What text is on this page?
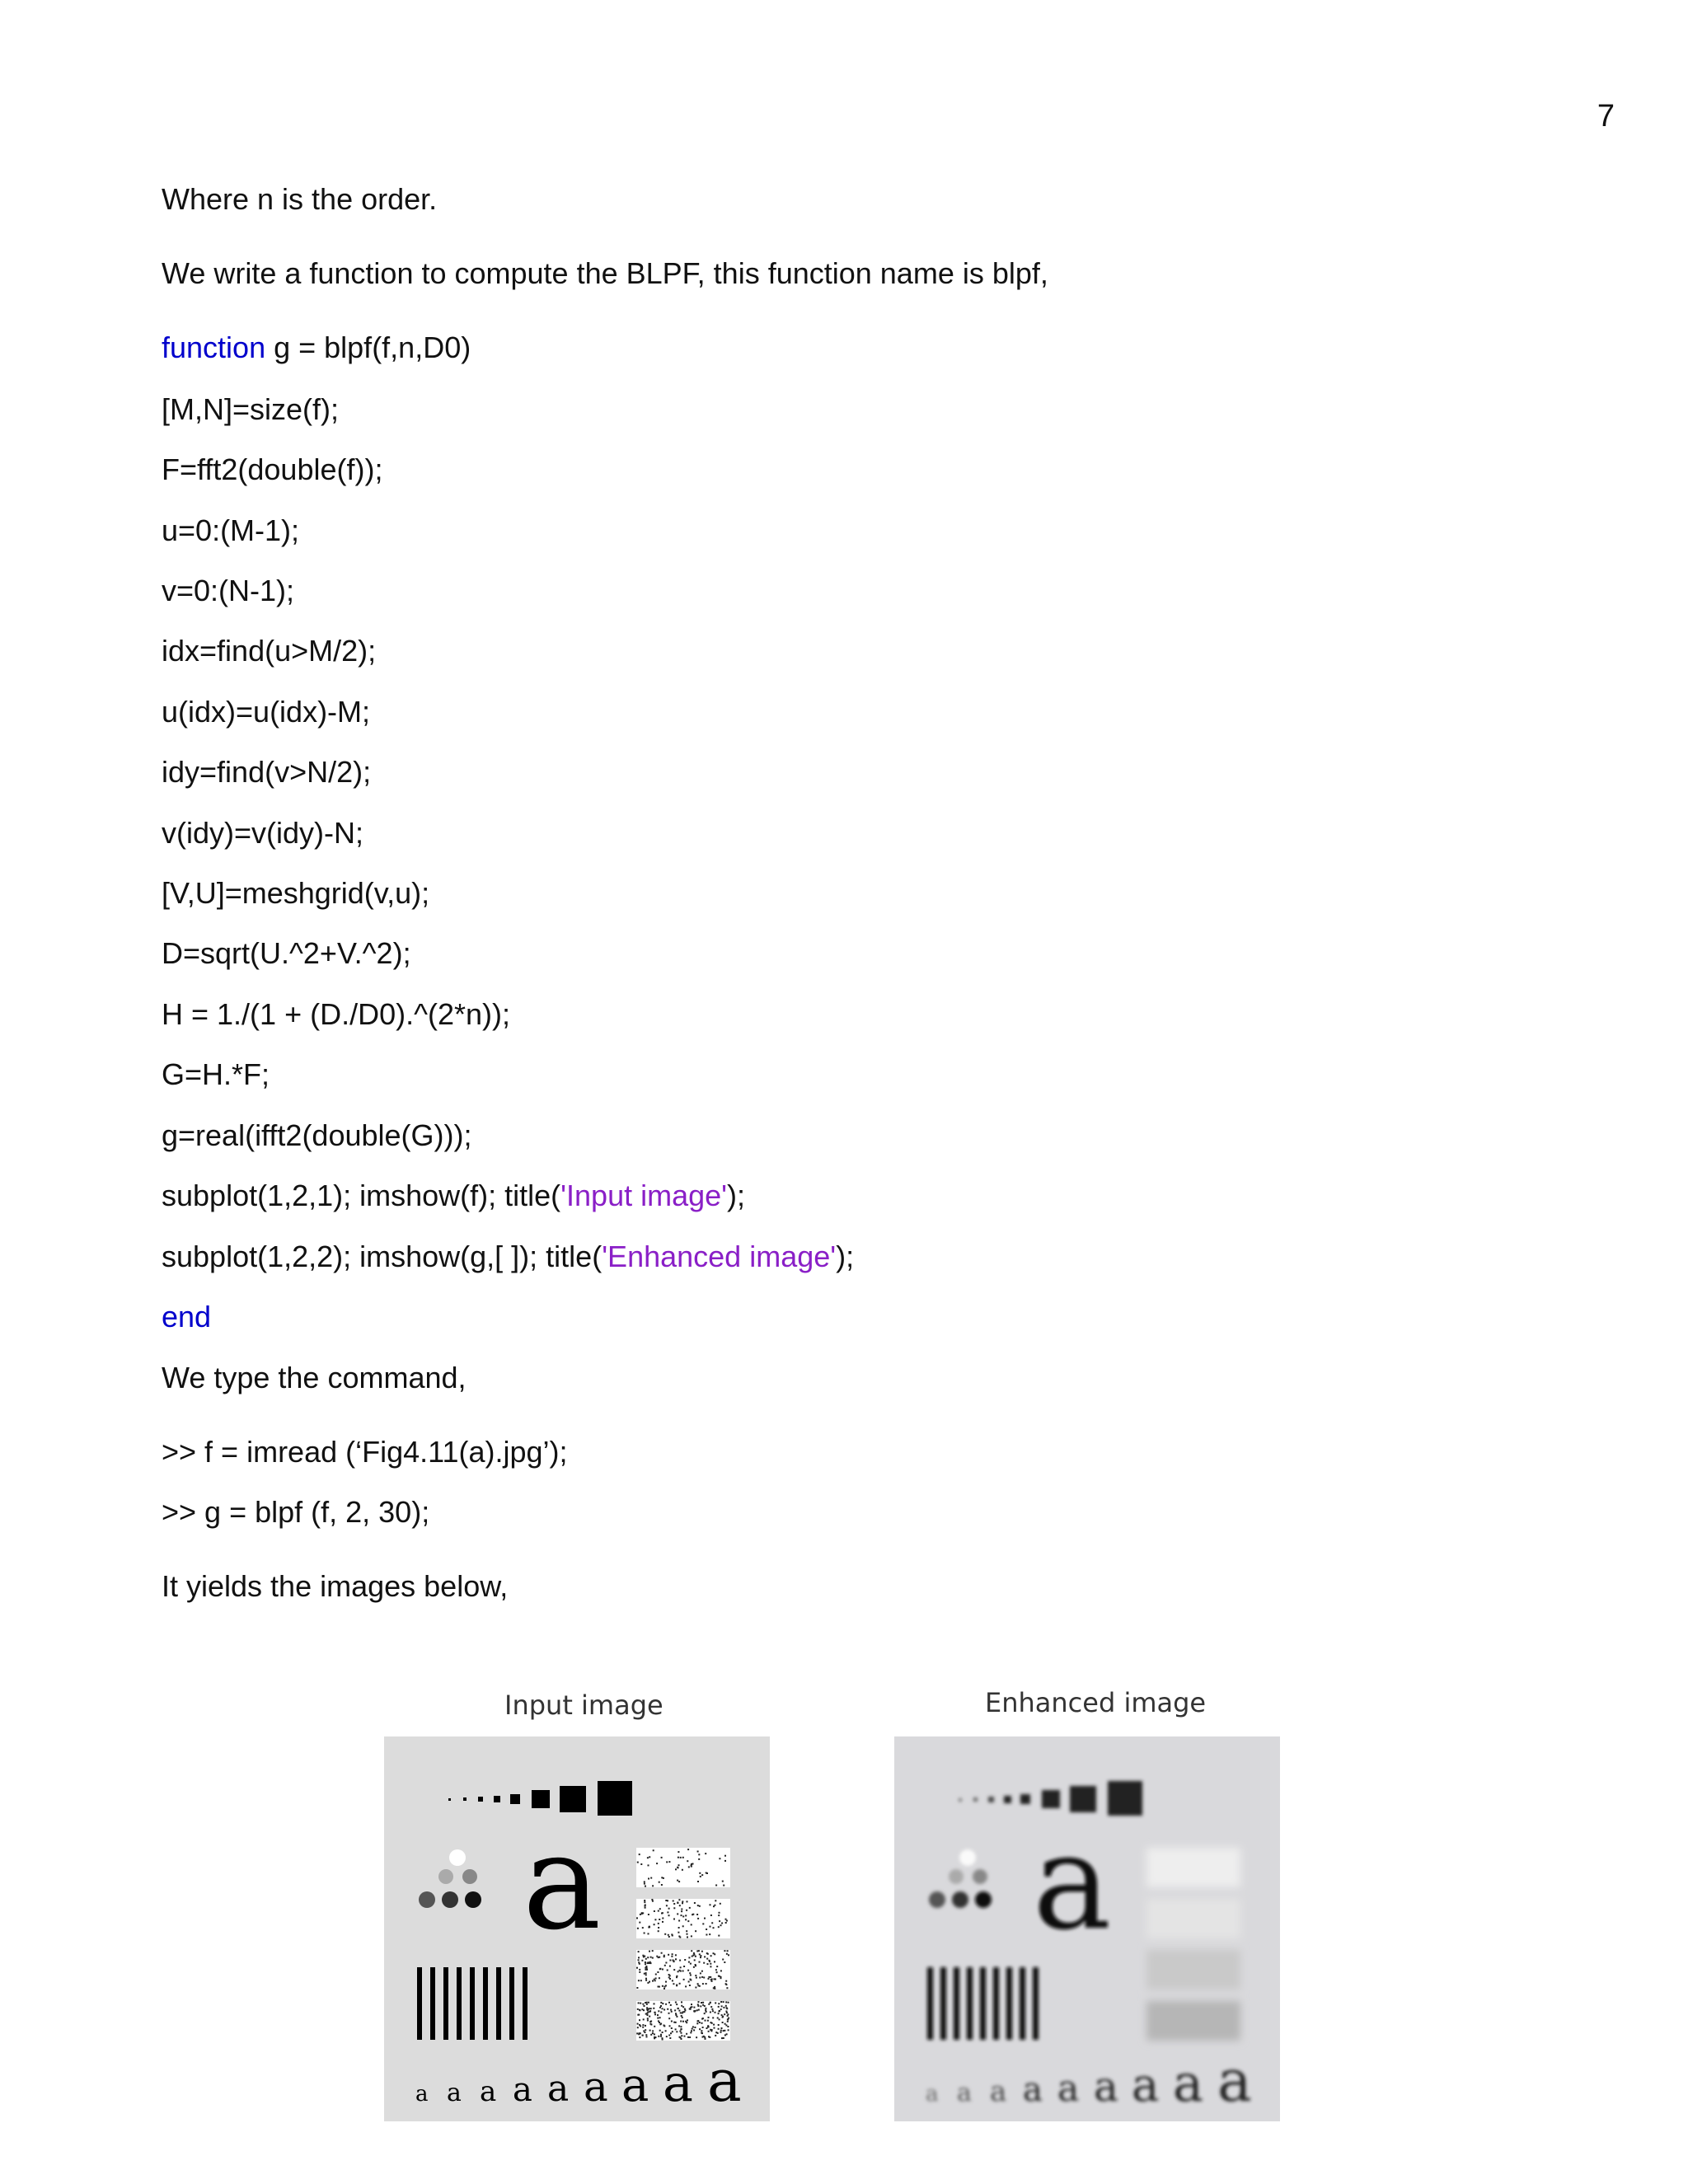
7
Where n is the order.
We write a function to compute the BLPF, this function name is blpf,
function g = blpf(f,n,D0)
[M,N]=size(f);
F=fft2(double(f));
u=0:(M-1);
v=0:(N-1);
idx=find(u>M/2);
u(idx)=u(idx)-M;
idy=find(v>N/2);
v(idy)=v(idy)-N;
[V,U]=meshgrid(v,u);
D=sqrt(U.^2+V.^2);
H = 1./(1 + (D./D0).^(2*n));
G=H.*F;
g=real(ifft2(double(G)));
subplot(1,2,1); imshow(f); title('Input image');
subplot(1,2,2); imshow(g,[ ]); title('Enhanced image');
end
We type the command,
>> f = imread (‘Fig4.11(a).jpg’);
>> g = blpf (f, 2, 30);
It yields the images below,
Input image	Enhanced image
a
a a a a a a a a a
a
a a a a a a a a a
